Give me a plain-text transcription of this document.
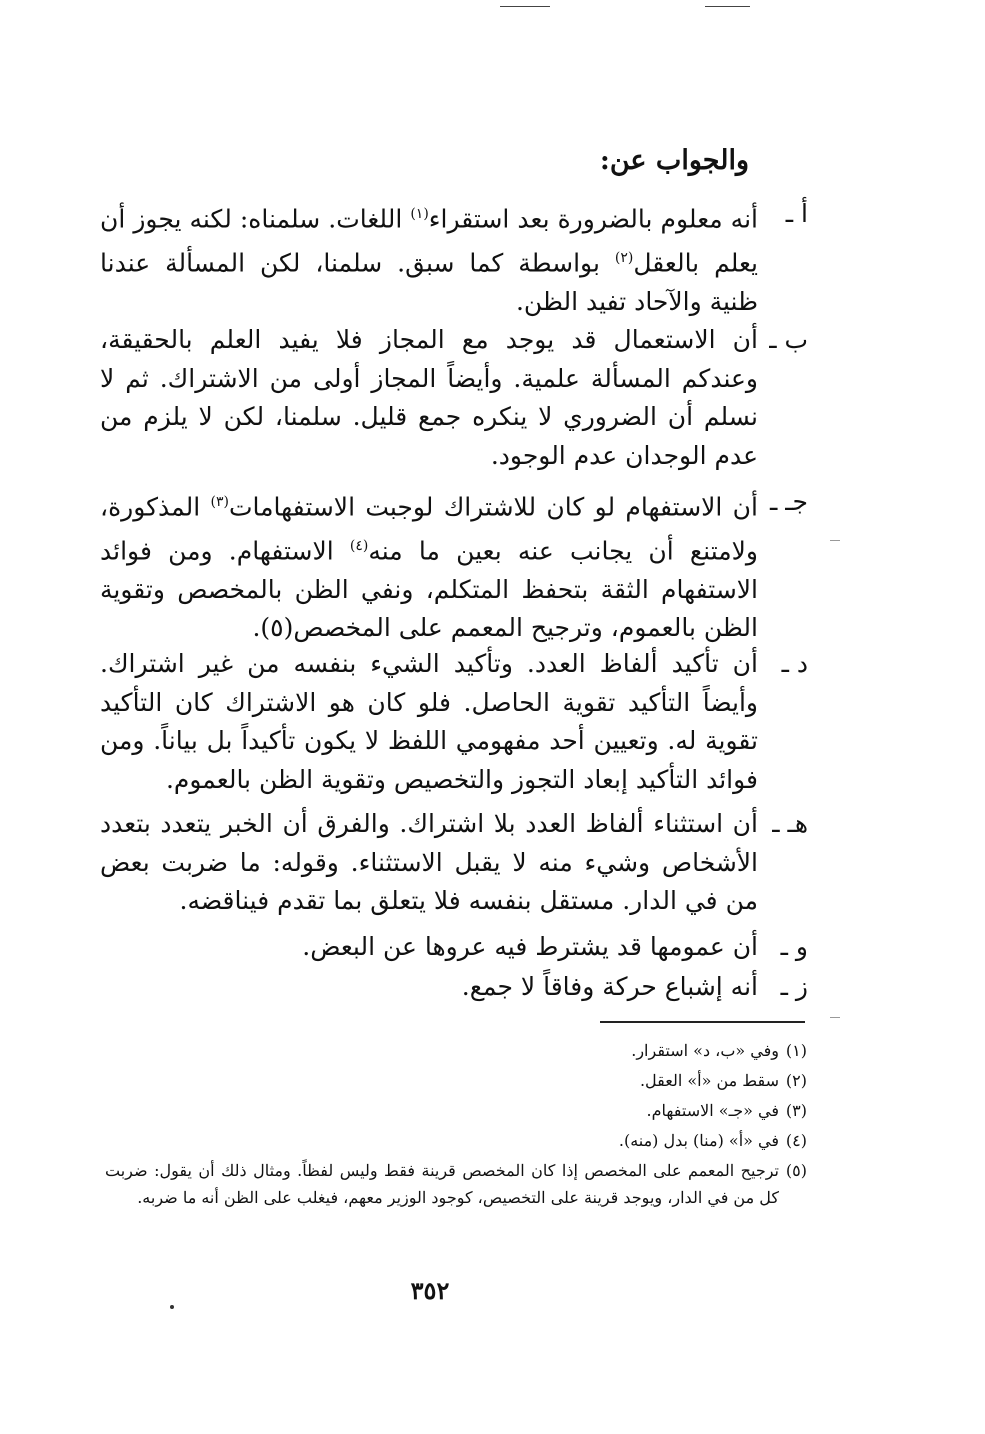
والجواب عن:
أ ـ
أنه معلوم بالضرورة بعد استقراء$^{(١)}$ اللغات. سلمناه: لكنه يجوز أن يعلم بالعقل$^{(٢)}$ بواسطة كما سبق. سلمنا، لكن المسألة عندنا ظنية والآحاد تفيد الظن.
ب ـ
أن الاستعمال قد يوجد مع المجاز فلا يفيد العلم بالحقيقة، وعندكم المسألة علمية. وأيضاً المجاز أولى من الاشتراك. ثم لا نسلم أن الضروري لا ينكره جمع قليل. سلمنا، لكن لا يلزم من عدم الوجدان عدم الوجود.
جـ ـ
أن الاستفهام لو كان للاشتراك لوجبت الاستفهامات$^{(٣)}$ المذكورة، ولامتنع أن يجانب عنه بعين ما منه$^{(٤)}$ الاستفهام. ومن فوائد الاستفهام الثقة بتحفظ المتكلم، ونفي الظن بالمخصص وتقوية الظن بالعموم، وترجيح المعمم على المخصص(٥).
د ـ
أن تأكيد ألفاظ العدد. وتأكيد الشيء بنفسه من غير اشتراك. وأيضاً التأكيد تقوية الحاصل. فلو كان هو الاشتراك كان التأكيد تقوية له. وتعيين أحد مفهومي اللفظ لا يكون تأكيداً بل بياناً. ومن فوائد التأكيد إبعاد التجوز والتخصيص وتقوية الظن بالعموم.
هـ ـ
أن استثناء ألفاظ العدد بلا اشتراك. والفرق أن الخبر يتعدد بتعدد الأشخاص وشيء منه لا يقبل الاستثناء. وقوله: ما ضربت بعض من في الدار. مستقل بنفسه فلا يتعلق بما تقدم فيناقضه.
و ـ
أن عمومها قد يشترط فيه عروها عن البعض.
ز ـ
أنه إشباع حركة وفاقاً لا جمع.
(١)
وفي «ب، د» استقرار.
(٢)
سقط من «أ» العقل.
(٣)
في «جـ» الاستفهام.
(٤)
في «أ» (منا) بدل (منه).
(٥)
ترجيح المعمم على المخصص إذا كان المخصص قرينة فقط وليس لفظاً. ومثال ذلك أن يقول: ضربت كل من في الدار، ويوجد قرينة على التخصيص، كوجود الوزير معهم، فيغلب على الظن أنه ما ضربه.
٣٥٢
